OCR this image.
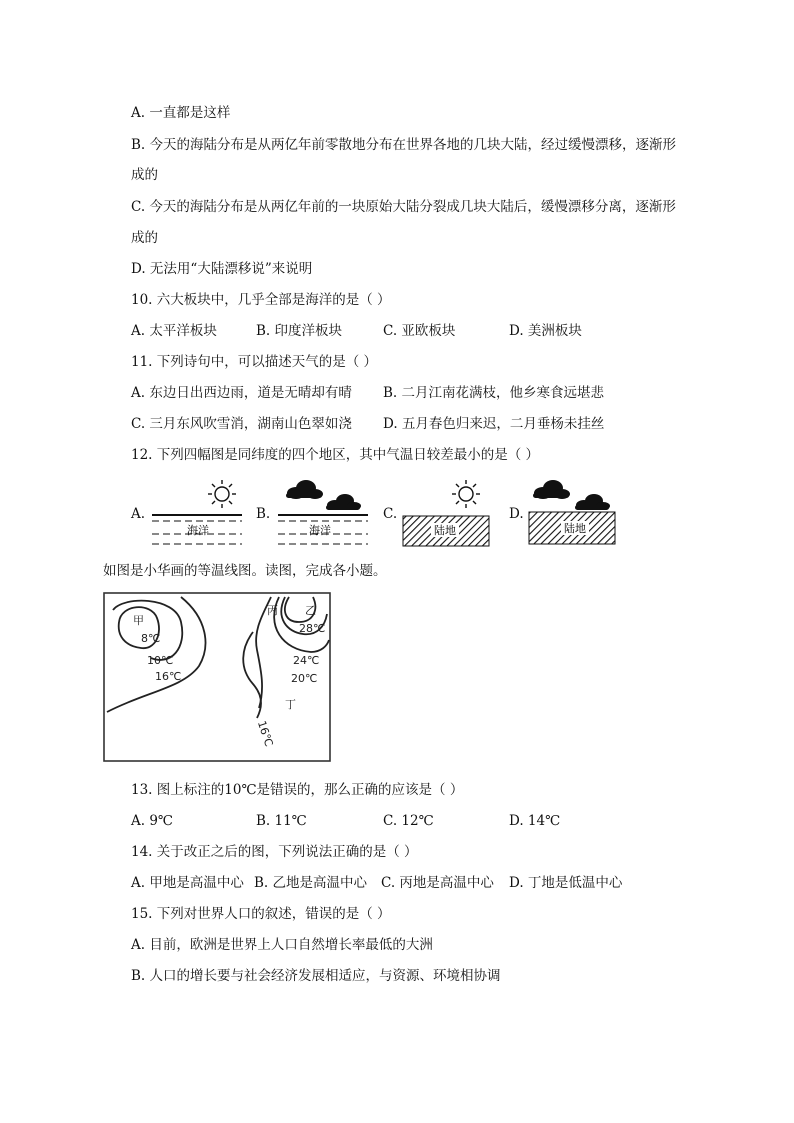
A. 一直都是这样
B. 今天的海陆分布是从两亿年前零散地分布在世界各地的几块大陆，经过缓慢漂移，逐渐形
成的
C. 今天的海陆分布是从两亿年前的一块原始大陆分裂成几块大陆后，缓慢漂移分离，逐渐形
成的
D. 无法用“大陆漂移说”来说明
10. 六大板块中，几乎全部是海洋的是（ ）
A. 太平洋板块	B. 印度洋板块	C. 亚欧板块	D. 美洲板块
11. 下列诗句中，可以描述天气的是（ ）
A. 东边日出西边雨，道是无晴却有晴 B. 二月江南花满枝，他乡寒食远堪悲
C. 三月东风吹雪消，湖南山色翠如浇 D. 五月春色归来迟，二月垂杨未挂丝
12. 下列四幅图是同纬度的四个地区，其中气温日较差最小的是（ ）
A.	B.	C.	D.
海洋	海洋	陆地	陆地
如图是小华画的等温线图。读图，完成各小题。
甲
乙
丙
丁
8℃
10℃
16℃
28℃
24℃
20℃
16℃
13. 图上标注的10℃是错误的，那么正确的应该是（ ）
A. 9℃	B. 11℃	C. 12℃	D. 14℃
14. 关于改正之后的图，下列说法正确的是（ ）
A. 甲地是高温中心 B. 乙地是高温中心 C. 丙地是高温中心 D. 丁地是低温中心
15. 下列对世界人口的叙述，错误的是（ ）
A. 目前，欧洲是世界上人口自然增长率最低的大洲
B. 人口的增长要与社会经济发展相适应，与资源、环境相协调
